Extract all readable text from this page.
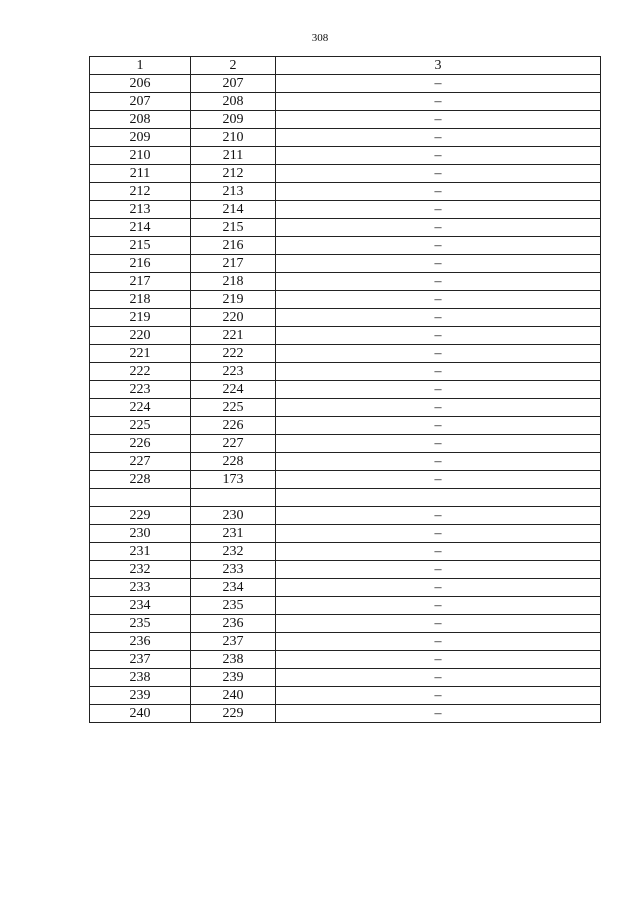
308
1	2	3
206	207	–
207	208	–
208	209	–
209	210	–
210	211	–
211	212	–
212	213	–
213	214	–
214	215	–
215	216	–
216	217	–
217	218	–
218	219	–
219	220	–
220	221	–
221	222	–
222	223	–
223	224	–
224	225	–
225	226	–
226	227	–
227	228	–
228	173	–

229	230	–
230	231	–
231	232	–
232	233	–
233	234	–
234	235	–
235	236	–
236	237	–
237	238	–
238	239	–
239	240	–
240	229	–
